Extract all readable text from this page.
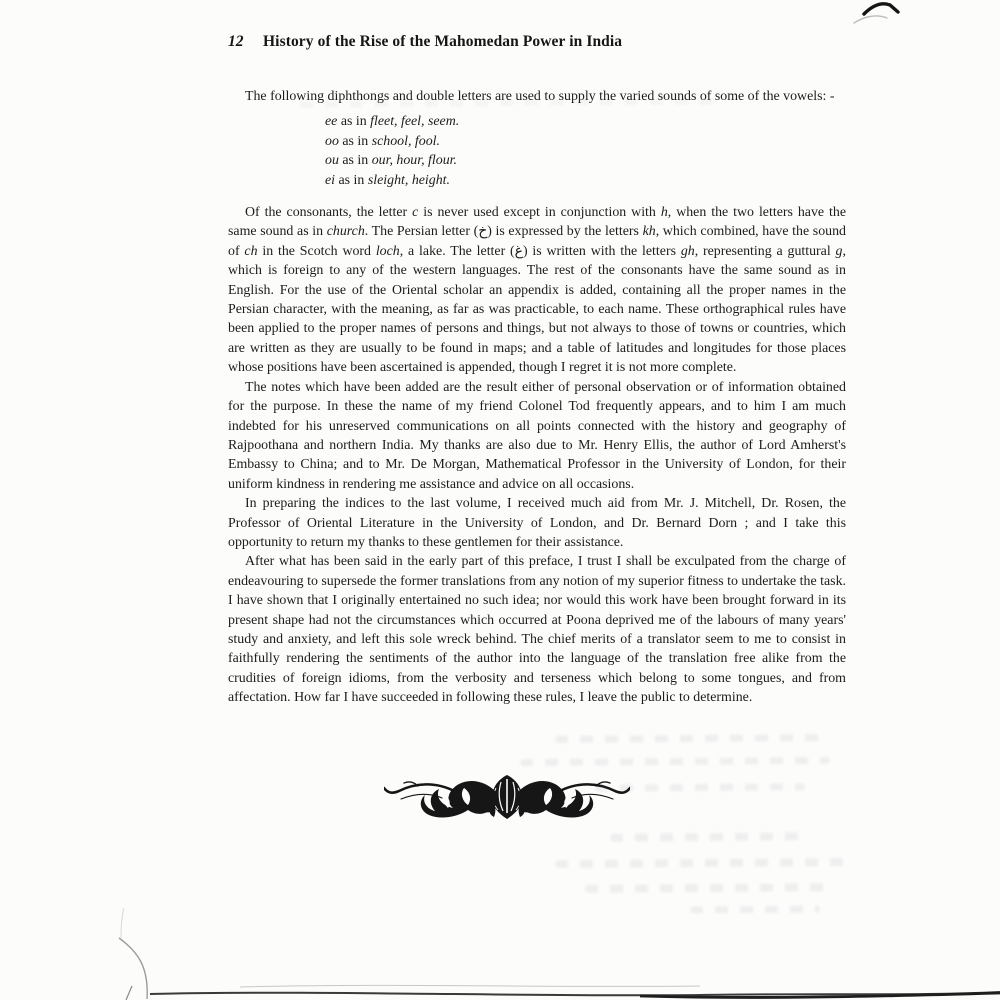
12 History of the Rise of the Mahomedan Power in India

The following diphthongs and double letters are used to supply the varied sounds of some of the vowels: -

ee as in fleet, feel, seem.
oo as in school, fool.
ou as in our, hour, flour.
ei as in sleight, height.

Of the consonants, the letter c is never used except in conjunction with h, when the two letters have the same sound as in church. The Persian letter (خ) is expressed by the letters kh, which combined, have the sound of ch in the Scotch word loch, a lake. The letter (غ) is written with the letters gh, representing a guttural g, which is foreign to any of the western languages. The rest of the consonants have the same sound as in English. For the use of the Oriental scholar an appendix is added, containing all the proper names in the Persian character, with the meaning, as far as was practicable, to each name. These orthographical rules have been applied to the proper names of persons and things, but not always to those of towns or countries, which are written as they are usually to be found in maps; and a table of latitudes and longitudes for those places whose positions have been ascertained is appended, though I regret it is not more complete.

The notes which have been added are the result either of personal observation or of information obtained for the purpose. In these the name of my friend Colonel Tod frequently appears, and to him I am much indebted for his unreserved communications on all points connected with the history and geography of Rajpoothana and northern India. My thanks are also due to Mr. Henry Ellis, the author of Lord Amherst's Embassy to China; and to Mr. De Morgan, Mathematical Professor in the University of London, for their uniform kindness in rendering me assistance and advice on all occasions.

In preparing the indices to the last volume, I received much aid from Mr. J. Mitchell, Dr. Rosen, the Professor of Oriental Literature in the University of London, and Dr. Bernard Dorn ; and I take this opportunity to return my thanks to these gentlemen for their assistance.

After what has been said in the early part of this preface, I trust I shall be exculpated from the charge of endeavouring to supersede the former translations from any notion of my superior fitness to undertake the task. I have shown that I originally entertained no such idea; nor would this work have been brought forward in its present shape had not the circumstances which occurred at Poona deprived me of the labours of many years' study and anxiety, and left this sole wreck behind. The chief merits of a translator seem to me to consist in faithfully rendering the sentiments of the author into the language of the translation free alike from the crudities of foreign idioms, from the verbosity and terseness which belong to some tongues, and from affectation. How far I have succeeded in following these rules, I leave the public to determine.
